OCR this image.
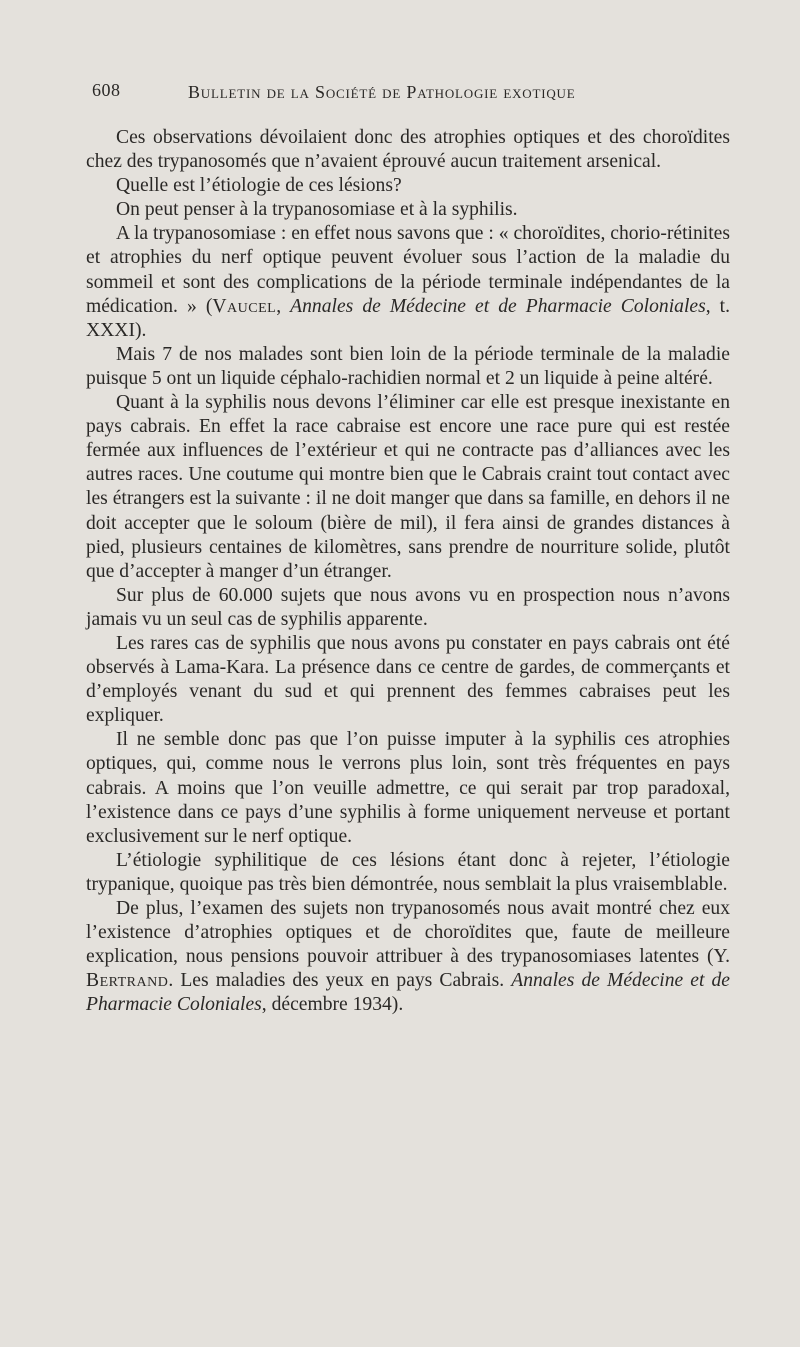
608	Bulletin de la Société de Pathologie exotique

Ces observations dévoilaient donc des atrophies optiques et des choroïdites chez des trypanosomés que n’avaient éprouvé aucun traitement arsenical.

Quelle est l’étiologie de ces lésions?

On peut penser à la trypanosomiase et à la syphilis.

A la trypanosomiase : en effet nous savons que : « choroïdites, chorio-rétinites et atrophies du nerf optique peuvent évoluer sous l’action de la maladie du sommeil et sont des complications de la période terminale indépendantes de la médication. » (Vaucel, Annales de Médecine et de Pharmacie Coloniales, t. XXXI).

Mais 7 de nos malades sont bien loin de la période terminale de la maladie puisque 5 ont un liquide céphalo-rachidien normal et 2 un liquide à peine altéré.

Quant à la syphilis nous devons l’éliminer car elle est presque inexistante en pays cabrais. En effet la race cabraise est encore une race pure qui est restée fermée aux influences de l’extérieur et qui ne contracte pas d’alliances avec les autres races. Une coutume qui montre bien que le Cabrais craint tout contact avec les étrangers est la suivante : il ne doit manger que dans sa famille, en dehors il ne doit accepter que le soloum (bière de mil), il fera ainsi de grandes distances à pied, plusieurs centaines de kilomètres, sans prendre de nourriture solide, plutôt que d’accepter à manger d’un étranger.

Sur plus de 60.000 sujets que nous avons vu en prospection nous n’avons jamais vu un seul cas de syphilis apparente.

Les rares cas de syphilis que nous avons pu constater en pays cabrais ont été observés à Lama-Kara. La présence dans ce centre de gardes, de commerçants et d’employés venant du sud et qui prennent des femmes cabraises peut les expliquer.

Il ne semble donc pas que l’on puisse imputer à la syphilis ces atrophies optiques, qui, comme nous le verrons plus loin, sont très fréquentes en pays cabrais. A moins que l’on veuille admettre, ce qui serait par trop paradoxal, l’existence dans ce pays d’une syphilis à forme uniquement nerveuse et portant exclusivement sur le nerf optique.

L’étiologie syphilitique de ces lésions étant donc à rejeter, l’étiologie trypanique, quoique pas très bien démontrée, nous semblait la plus vraisemblable.

De plus, l’examen des sujets non trypanosomés nous avait montré chez eux l’existence d’atrophies optiques et de choroïdites que, faute de meilleure explication, nous pensions pouvoir attribuer à des trypanosomiases latentes (Y. Bertrand. Les maladies des yeux en pays Cabrais. Annales de Médecine et de Pharmacie Coloniales, décembre 1934).
